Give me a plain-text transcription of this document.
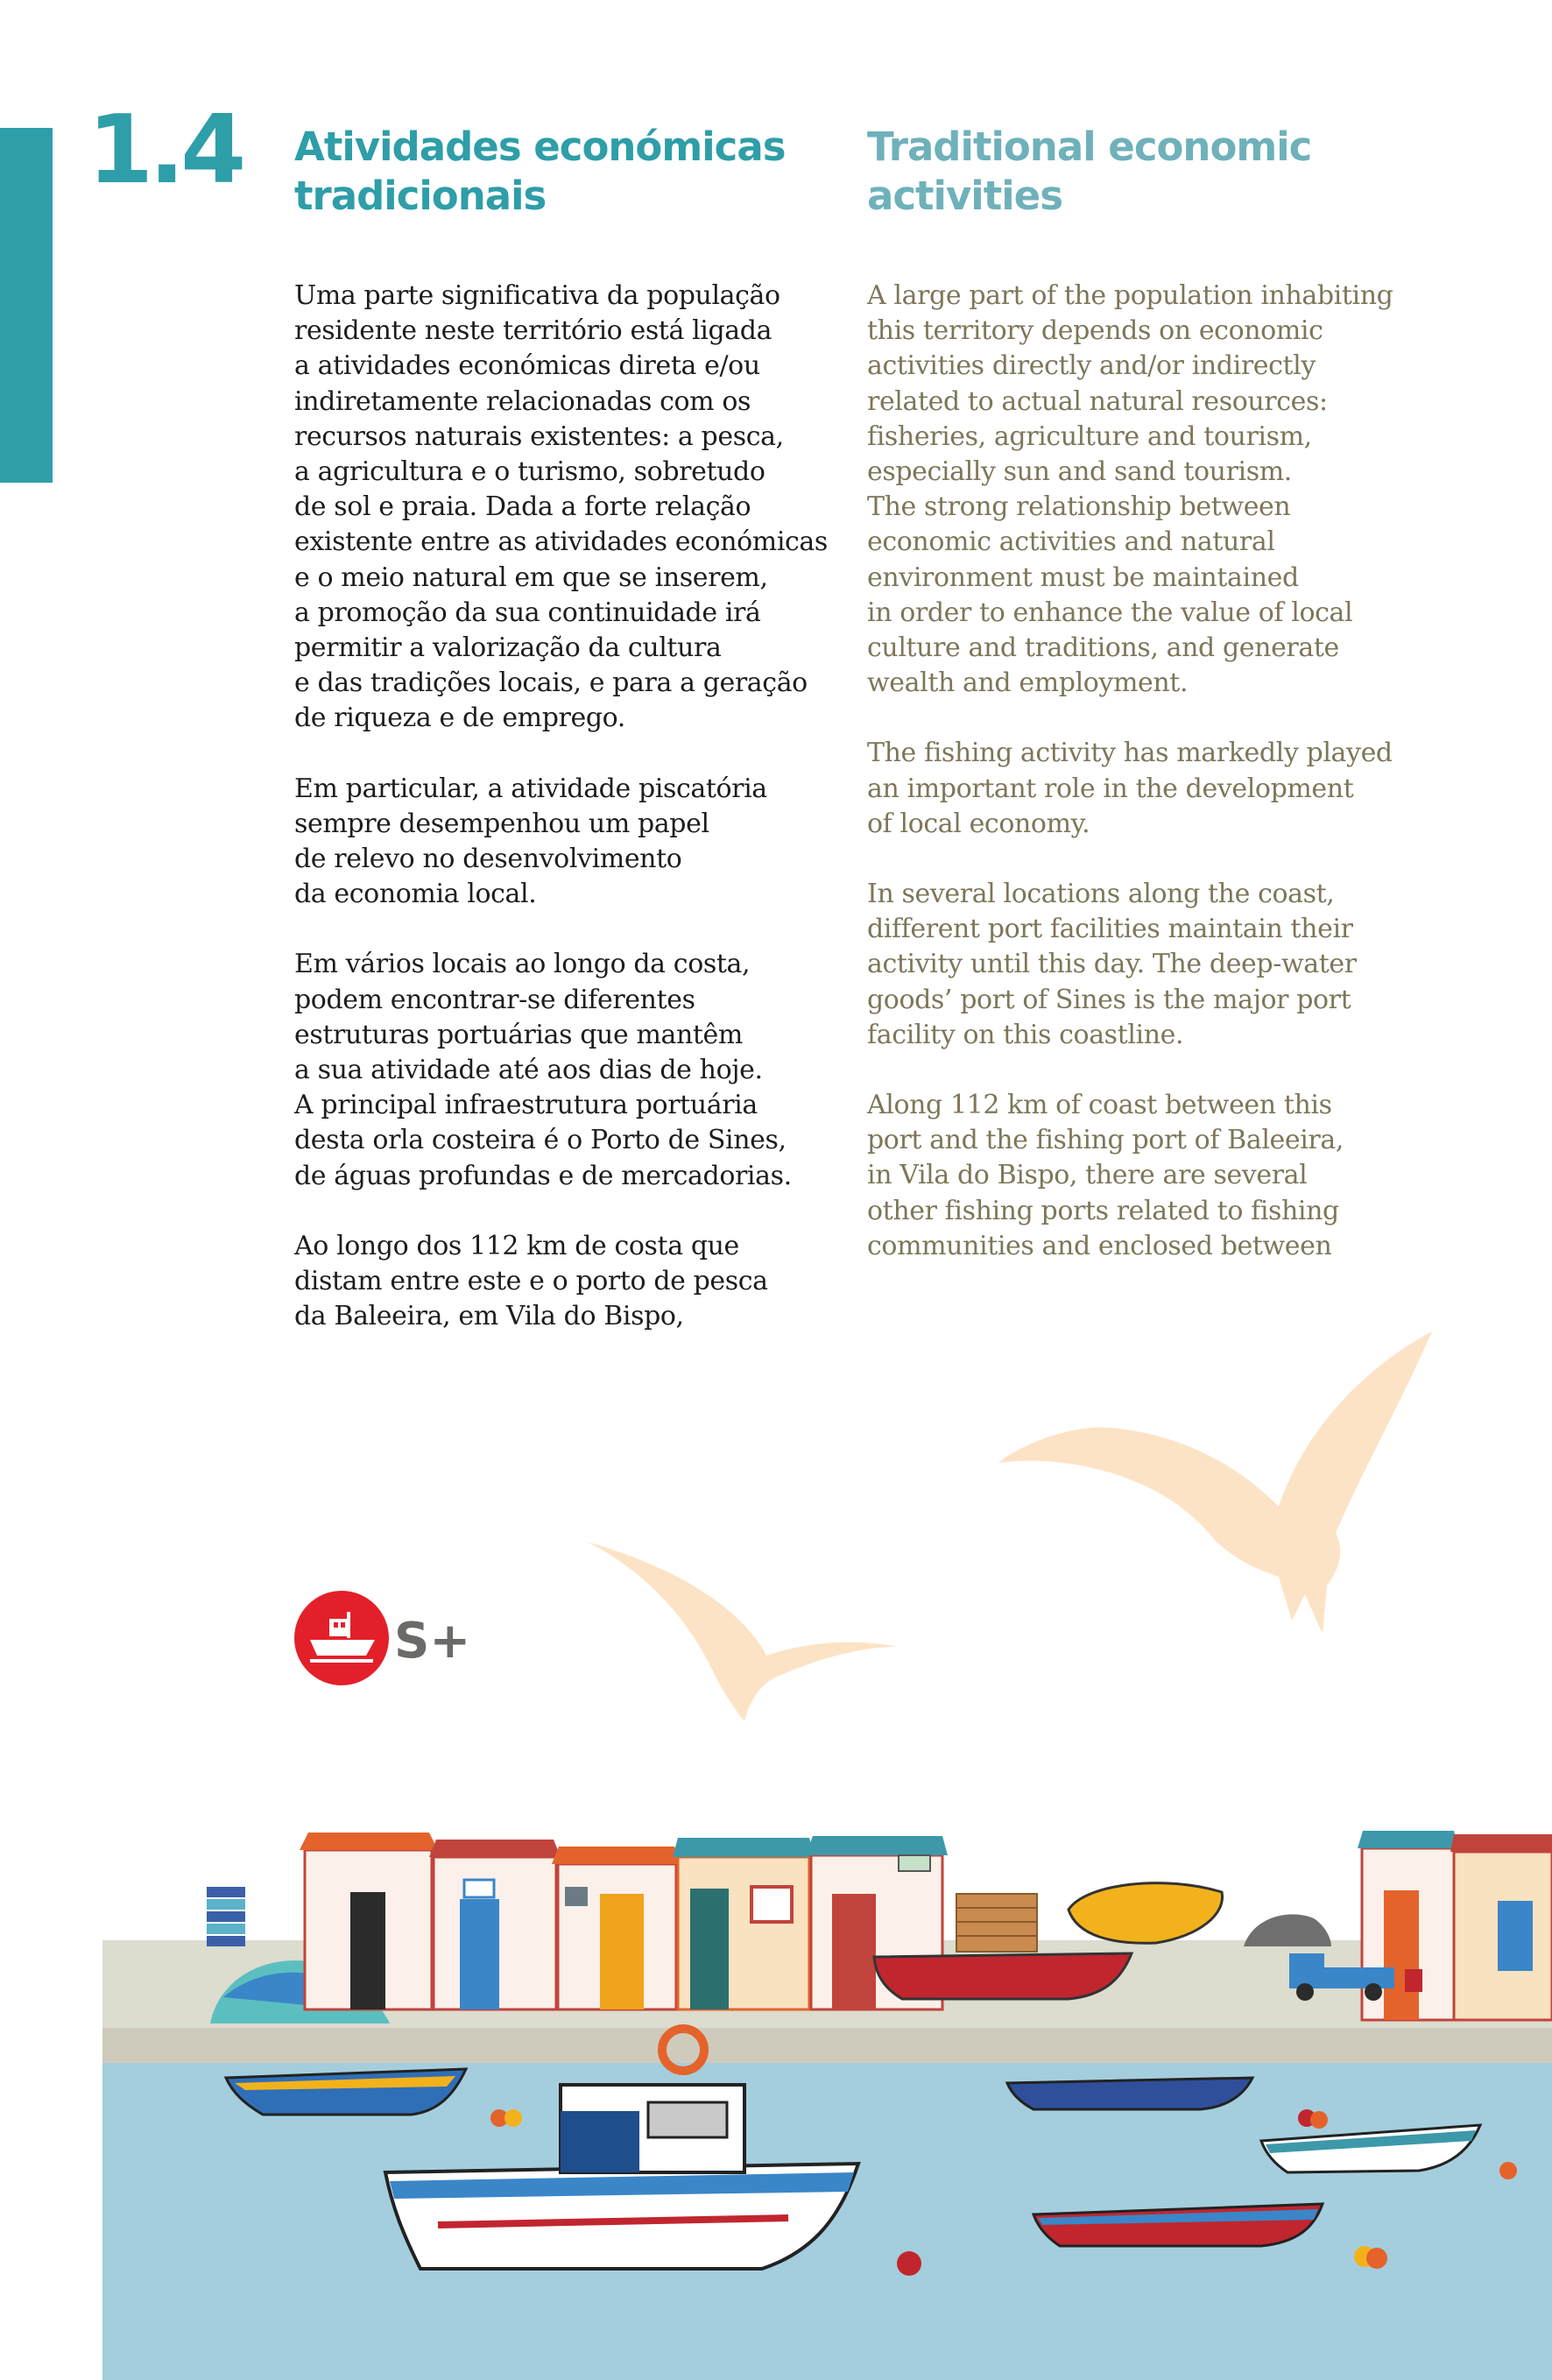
1.4 Atividades económicas tradicionais
Traditional economic activities

Uma parte significativa da população
residente neste território está ligada
a atividades económicas direta e/ou
indiretamente relacionadas com os
recursos naturais existentes: a pesca,
a agricultura e o turismo, sobretudo
de sol e praia. Dada a forte relação
existente entre as atividades económicas
e o meio natural em que se inserem,
a promoção da sua continuidade irá
permitir a valorização da cultura
e das tradições locais, e para a geração
de riqueza e de emprego.

Em particular, a atividade piscatória
sempre desempenhou um papel
de relevo no desenvolvimento
da economia local.

Em vários locais ao longo da costa,
podem encontrar-se diferentes
estruturas portuárias que mantêm
a sua atividade até aos dias de hoje.
A principal infraestrutura portuária
desta orla costeira é o Porto de Sines,
de águas profundas e de mercadorias.

Ao longo dos 112 km de costa que
distam entre este e o porto de pesca
da Baleeira, em Vila do Bispo,

A large part of the population inhabiting
this territory depends on economic
activities directly and/or indirectly
related to actual natural resources:
fisheries, agriculture and tourism,
especially sun and sand tourism.
The strong relationship between
economic activities and natural
environment must be maintained
in order to enhance the value of local
culture and traditions, and generate
wealth and employment.

The fishing activity has markedly played
an important role in the development
of local economy.

In several locations along the coast,
different port facilities maintain their
activity until this day. The deep-water
goods’ port of Sines is the major port
facility on this coastline.

Along 112 km of coast between this
port and the fishing port of Baleeira,
in Vila do Bispo, there are several
other fishing ports related to fishing
communities and enclosed between

S+
